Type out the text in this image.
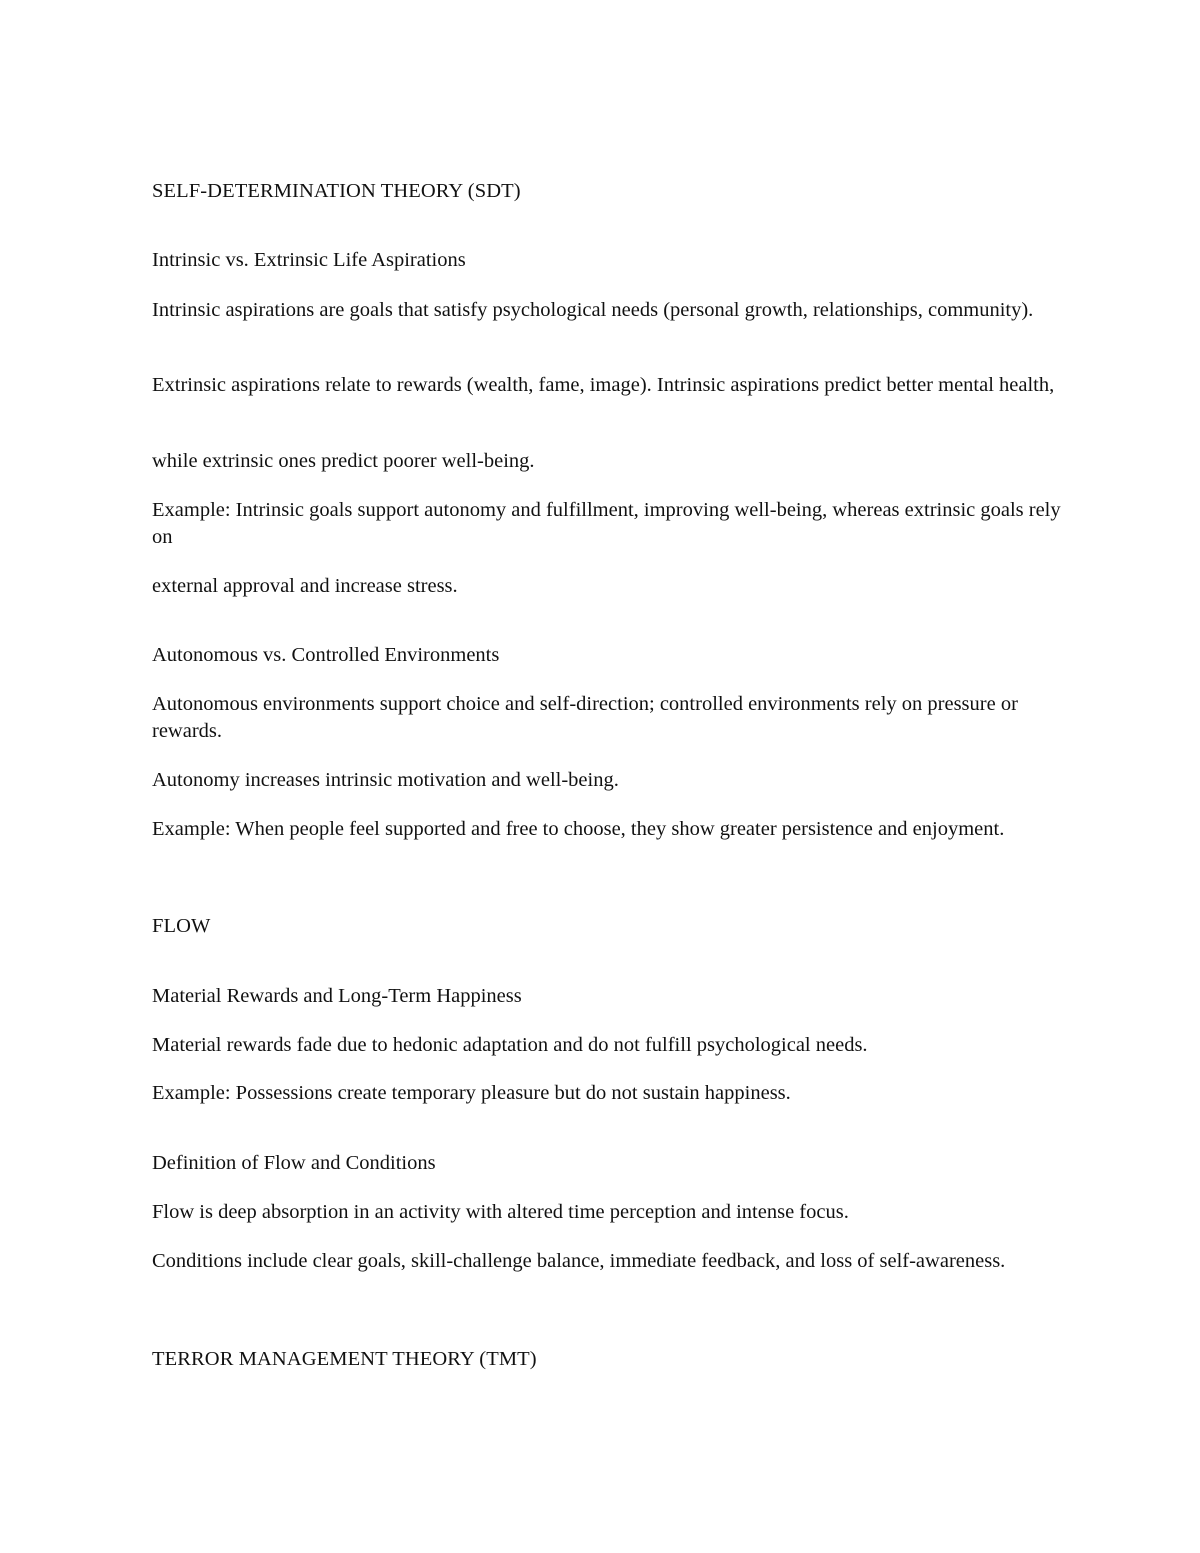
SELF-DETERMINATION THEORY (SDT)

Intrinsic vs. Extrinsic Life Aspirations

Intrinsic aspirations are goals that satisfy psychological needs (personal growth, relationships, community).

Extrinsic aspirations relate to rewards (wealth, fame, image). Intrinsic aspirations predict better mental health,

while extrinsic ones predict poorer well-being.

Example: Intrinsic goals support autonomy and fulfillment, improving well-being, whereas extrinsic goals rely on

external approval and increase stress.

Autonomous vs. Controlled Environments

Autonomous environments support choice and self-direction; controlled environments rely on pressure or rewards.

Autonomy increases intrinsic motivation and well-being.

Example: When people feel supported and free to choose, they show greater persistence and enjoyment.

FLOW

Material Rewards and Long-Term Happiness

Material rewards fade due to hedonic adaptation and do not fulfill psychological needs.

Example: Possessions create temporary pleasure but do not sustain happiness.

Definition of Flow and Conditions

Flow is deep absorption in an activity with altered time perception and intense focus.

Conditions include clear goals, skill-challenge balance, immediate feedback, and loss of self-awareness.

TERROR MANAGEMENT THEORY (TMT)
